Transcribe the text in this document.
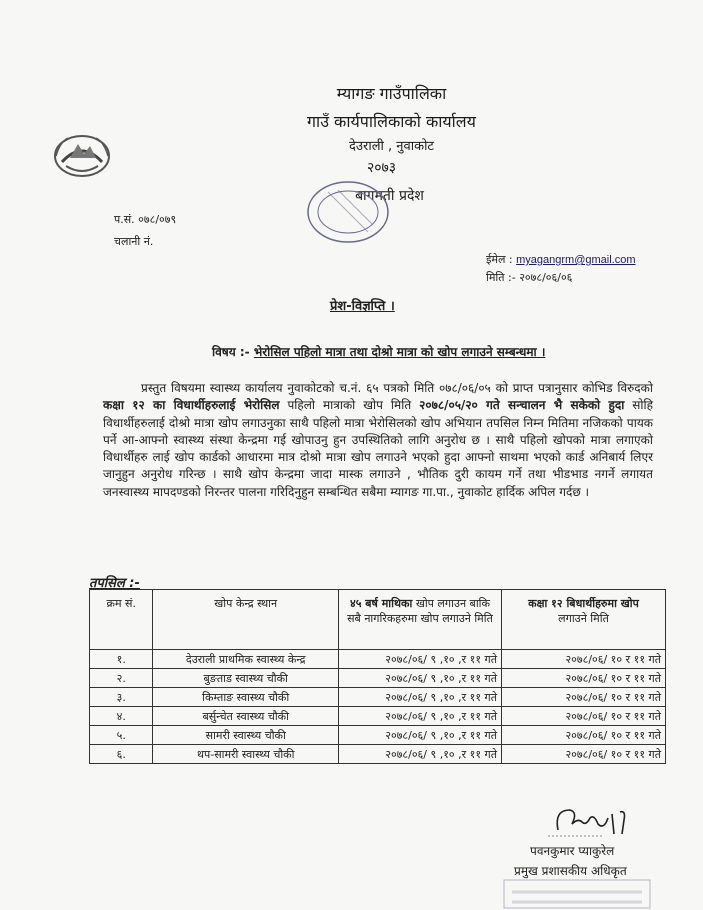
म्यागङ गाउँपालिका
गाउँ कार्यपालिकाको कार्यालय
देउराली , नुवाकोट
२०७३
बागमती प्रदेश
प.सं. ०७८/०७९
चलानी नं.
ईमेल : myagangrm@gmail.com
मिति :- २०७८/०६/०६
प्रेश-विज्ञप्ति ।
विषय :- भेरोसिल पहिलो मात्रा तथा दोश्रो मात्रा को खोप लगाउने सम्बन्धमा ।

प्रस्तुत विषयमा स्वास्थ्य कार्यालय नुवाकोटको च.नं. ६५ पत्रको मिति ०७८/०६/०५ को प्राप्त पत्रानुसार कोभिड विरुदको कक्षा १२ का विधार्थीहरुलाई भेरोसिल पहिलो मात्राको खोप मिति २०७८/०५/२० गते सन्चालन भै सकेको हुदा सोहि विधार्थीहरुलाई दोश्रो मात्रा खोप लगाउनुका साथै पहिलो मात्रा भेरोसिलको खोप अभियान तपसिल निम्न मितिमा नजिकको पायक पर्ने आ-आफ्नो स्वास्थ्य संस्था केन्द्रमा गई खोपाउनु हुन उपस्थितिको लागि अनुरोध छ । साथै पहिलो खोपको मात्रा लगाएको विधार्थीहरु लाई खोप कार्डको आधारमा मात्र दोश्रो मात्रा खोप लगाउने भएको हुदा आफ्नो साथमा भएको कार्ड अनिबार्य लिएर जानुहुन अनुरोध गरिन्छ । साथै खोप केन्द्रमा जादा मास्क लगाउने , भौतिक दुरी कायम गर्ने तथा भीडभाड नगर्ने लगायत जनस्वास्थ्य मापदण्डको निरन्तर पालना गरिदिनुहुन सम्बन्धित सबैमा म्यागङ गा.पा., नुवाकोट हार्दिक अपिल गर्दछ ।

तपसिल :-
क्रम सं.	खोप केन्द्र स्थान	४५ बर्ष माथिका खोप लगाउन बाकि सबै नागरिकहरुमा खोप लगाउने मिति	कक्षा १२ बिधार्थीहरुमा खोप
लगाउने मिति
१.	देउराली प्राथमिक स्वास्थ्य केन्द्र	२०७८/०६/ ९ ,१० ,र ११ गते	२०७८/०६/ १० र ११ गते
२.	बुङताड स्वास्थ्य चौकी	२०७८/०६/ ९ ,१० ,र ११ गते	२०७८/०६/ १० र ११ गते
३.	किम्ताङ स्वास्थ्य चौकी	२०७८/०६/ ९ ,१० ,र ११ गते	२०७८/०६/ १० र ११ गते
४.	बर्सुन्चेत स्वास्थ्य चौकी	२०७८/०६/ ९ ,१० ,र ११ गते	२०७८/०६/ १० र ११ गते
५.	सामरी स्वास्थ्य चौकी	२०७८/०६/ ९ ,१० ,र ११ गते	२०७८/०६/ १० र ११ गते
६.	थप-सामरी स्वास्थ्य चौकी	२०७८/०६/ ९ ,१० ,र ११ गते	२०७८/०६/ १० र ११ गते
पवनकुमार प्याकुरेल
प्रमुख प्रशासकीय अधिकृत
